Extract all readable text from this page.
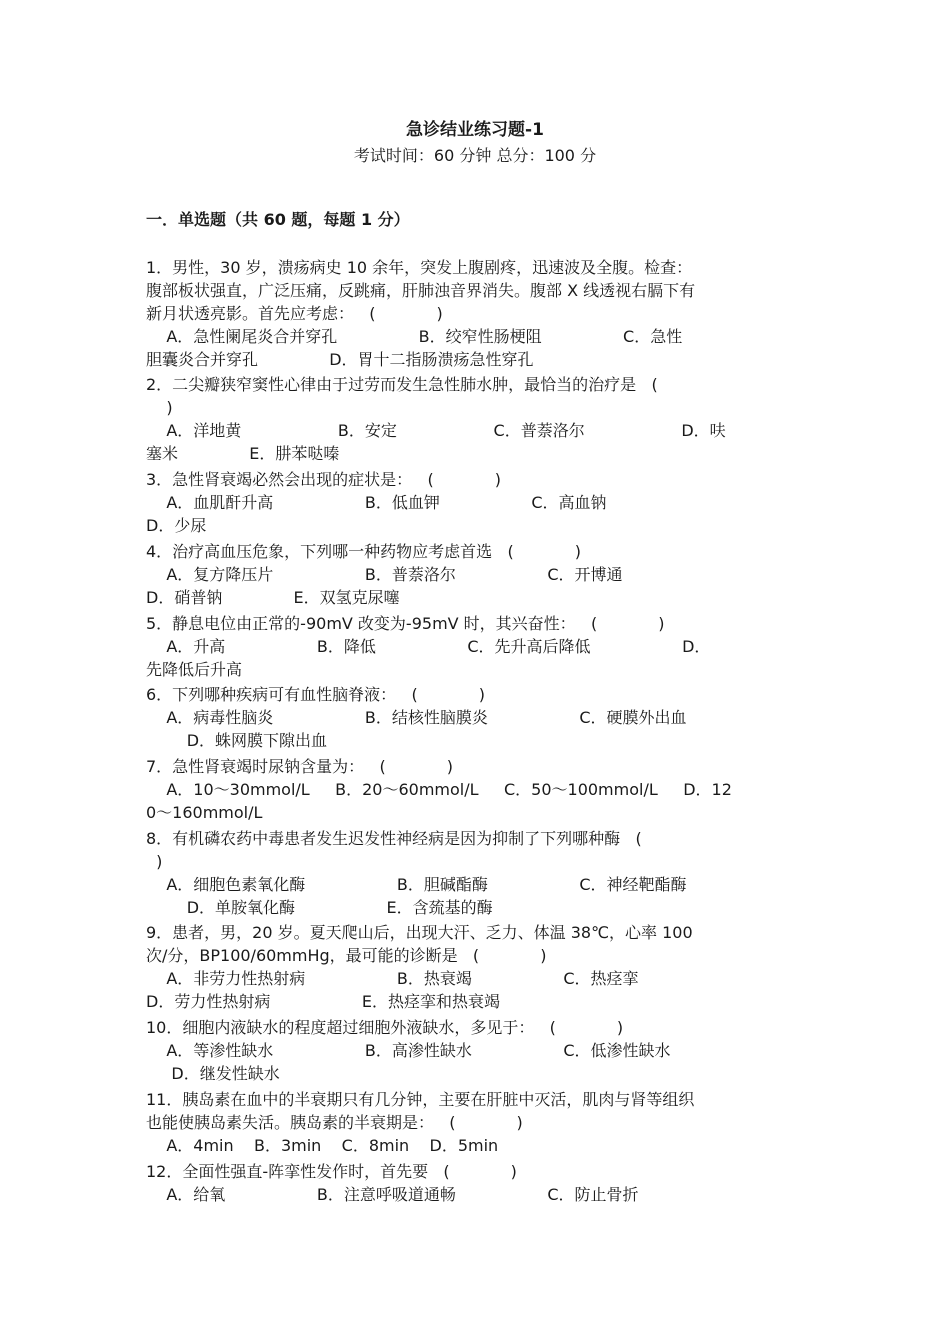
急诊结业练习题-1
考试时间：60 分钟 总分：100 分
一．单选题（共 60 题，每题 1 分）
1．男性，30 岁，溃疡病史 10 余年，突发上腹剧疼，迅速波及全腹。检查：
腹部板状强直，广泛压痛，反跳痛，肝肺浊音界消失。腹部 X 线透视右膈下有
新月状透亮影。首先应考虑：   (            )
A．急性阑尾炎合并穿孔                B．绞窄性肠梗阻                C．急性
胆囊炎合并穿孔              D．胃十二指肠溃疡急性穿孔
2．二尖瓣狭窄窦性心律由于过劳而发生急性肺水肿，最恰当的治疗是   (
)
A．洋地黄                   B．安定                   C．普萘洛尔                   D．呋
塞米              E．肼苯哒嗪
3．急性肾衰竭必然会出现的症状是：   (            )
A．血肌酐升高                  B．低血钾                  C．高血钠
D．少尿
4．治疗高血压危象，下列哪一种药物应考虑首选   (            )
A．复方降压片                  B．普萘洛尔                  C．开博通
D．硝普钠              E．双氢克尿噻
5．静息电位由正常的-90mV 改变为-95mV 时，其兴奋性：   (            )
A．升高                  B．降低                  C．先升高后降低                  D．
先降低后升高
6．下列哪种疾病可有血性脑脊液：   (            )
A．病毒性脑炎                  B．结核性脑膜炎                  C．硬膜外出血
D．蛛网膜下隙出血
7．急性肾衰竭时尿钠含量为：   (            )
A．10～30mmol/L     B．20～60mmol/L     C．50～100mmol/L     D．12
0～160mmol/L
8．有机磷农药中毒患者发生迟发性神经病是因为抑制了下列哪种酶   (
)
A．细胞色素氧化酶                  B．胆碱酯酶                  C．神经靶酯酶
D．单胺氧化酶                  E．含巯基的酶
9．患者，男，20 岁。夏天爬山后，出现大汗、乏力、体温 38℃，心率 100
次/分，BP100/60mmHg，最可能的诊断是   (            )
A．非劳力性热射病                  B．热衰竭                  C．热痉挛
D．劳力性热射病                  E．热痉挛和热衰竭
10．细胞内液缺水的程度超过细胞外液缺水，多见于：   (            )
A．等渗性缺水                  B．高渗性缺水                  C．低渗性缺水
D．继发性缺水
11．胰岛素在血中的半衰期只有几分钟，主要在肝脏中灭活，肌肉与肾等组织
也能使胰岛素失活。胰岛素的半衰期是：   (            )
A．4min    B．3min    C．8min    D．5min
12．全面性强直-阵挛性发作时，首先要   (            )
A．给氧                  B．注意呼吸道通畅                  C．防止骨折
